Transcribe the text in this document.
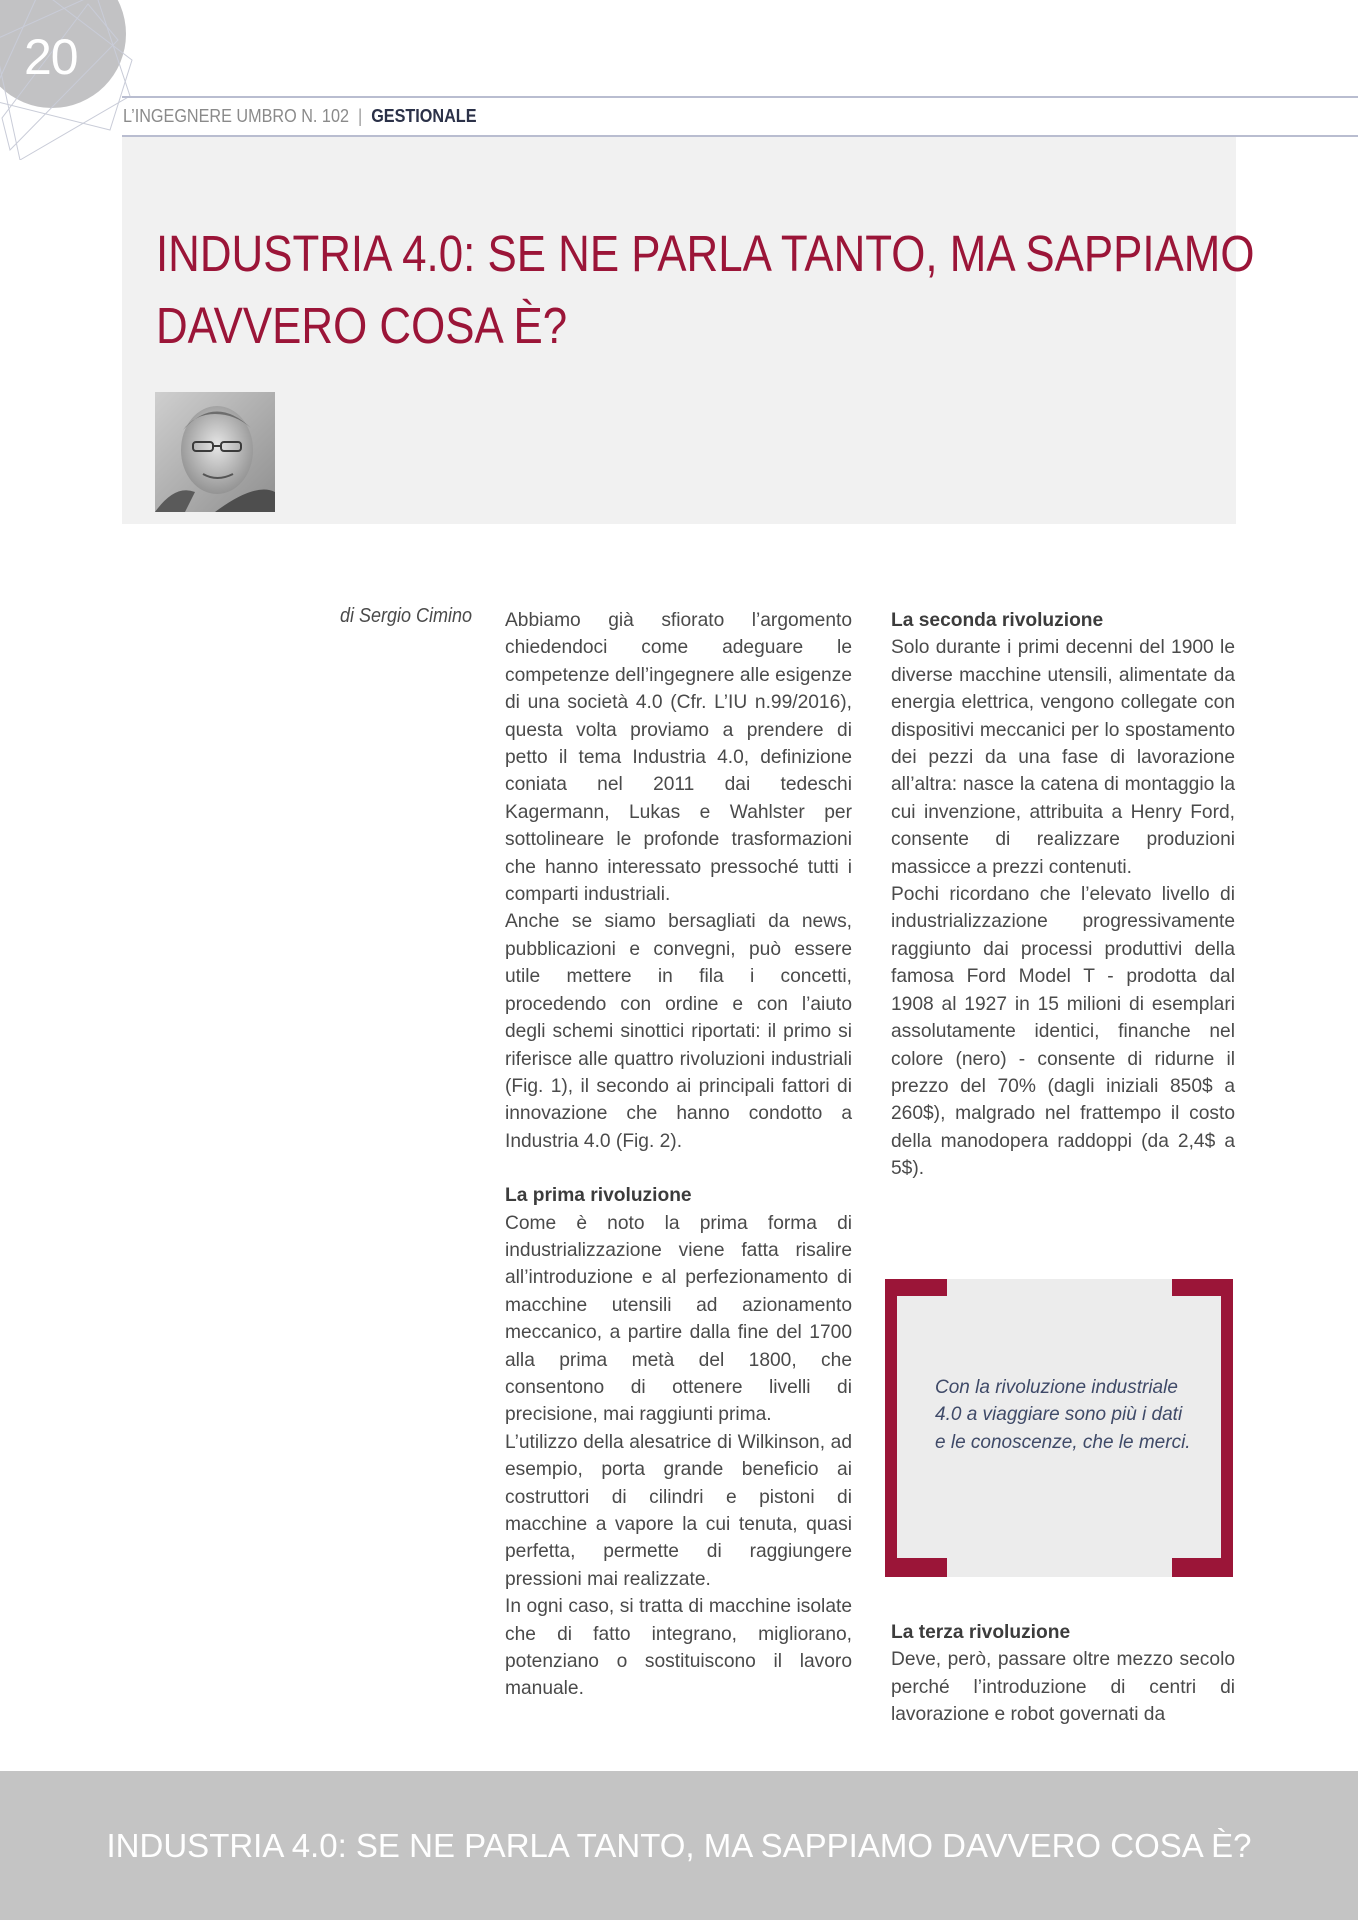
20
L’INGEGNERE UMBRO N. 102 | GESTIONALE
INDUSTRIA 4.0: SE NE PARLA TANTO, MA SAPPIAMO
DAVVERO COSA È?
di Sergio Cimino Abbiamo già sfiorato l’argomento chiedendoci come adeguare le competenze dell’ingegnere alle esigenze di una società 4.0 (Cfr. L’IU n.99/2016), questa volta proviamo a prendere di petto il tema Industria 4.0, definizione coniata nel 2011 dai tedeschi Kagermann, Lukas e Wahlster per sottolineare le profonde trasformazioni che hanno interessato pressoché tutti i comparti industriali.

Anche se siamo bersagliati da news, pubblicazioni e convegni, può essere utile mettere in fila i concetti, procedendo con ordine e con l’aiuto degli schemi sinottici riportati: il primo si riferisce alle quattro rivoluzioni industriali (Fig. 1), il secondo ai principali fattori di innovazione che hanno condotto a Industria 4.0 (Fig. 2).

La prima rivoluzione

Come è noto la prima forma di industrializzazione viene fatta risalire all’introduzione e al perfezionamento di macchine utensili ad azionamento meccanico, a partire dalla fine del 1700 alla prima metà del 1800, che consentono di ottenere livelli di precisione, mai raggiunti prima.

L’utilizzo della alesatrice di Wilkinson, ad esempio, porta grande beneficio ai costruttori di cilindri e pistoni di macchine a vapore la cui tenuta, quasi perfetta, permette di raggiungere pressioni mai realizzate.

In ogni caso, si tratta di macchine isolate che di fatto integrano, migliorano, potenziano o sostituiscono il lavoro manuale.

La seconda rivoluzione

Solo durante i primi decenni del 1900 le diverse macchine utensili, alimentate da energia elettrica, vengono collegate con dispositivi meccanici per lo spostamento dei pezzi da una fase di lavorazione all’altra: nasce la catena di montaggio la cui invenzione, attribuita a Henry Ford, consente di realizzare produzioni massicce a prezzi contenuti.

Pochi ricordano che l’elevato livello di industrializzazione progressivamente raggiunto dai processi produttivi della famosa Ford Model T - prodotta dal 1908 al 1927 in 15 milioni di esemplari assolutamente identici, finanche nel colore (nero) - consente di ridurne il prezzo del 70% (dagli iniziali 850$ a 260$), malgrado nel frattempo il costo della manodopera raddoppi (da 2,4$ a 5$).

Con la rivoluzione industriale 4.0 a viaggiare sono più i dati e le conoscenze, che le merci.

La terza rivoluzione

Deve, però, passare oltre mezzo secolo perché l’introduzione di centri di lavorazione e robot governati da

INDUSTRIA 4.0: SE NE PARLA TANTO, MA SAPPIAMO DAVVERO COSA È?
